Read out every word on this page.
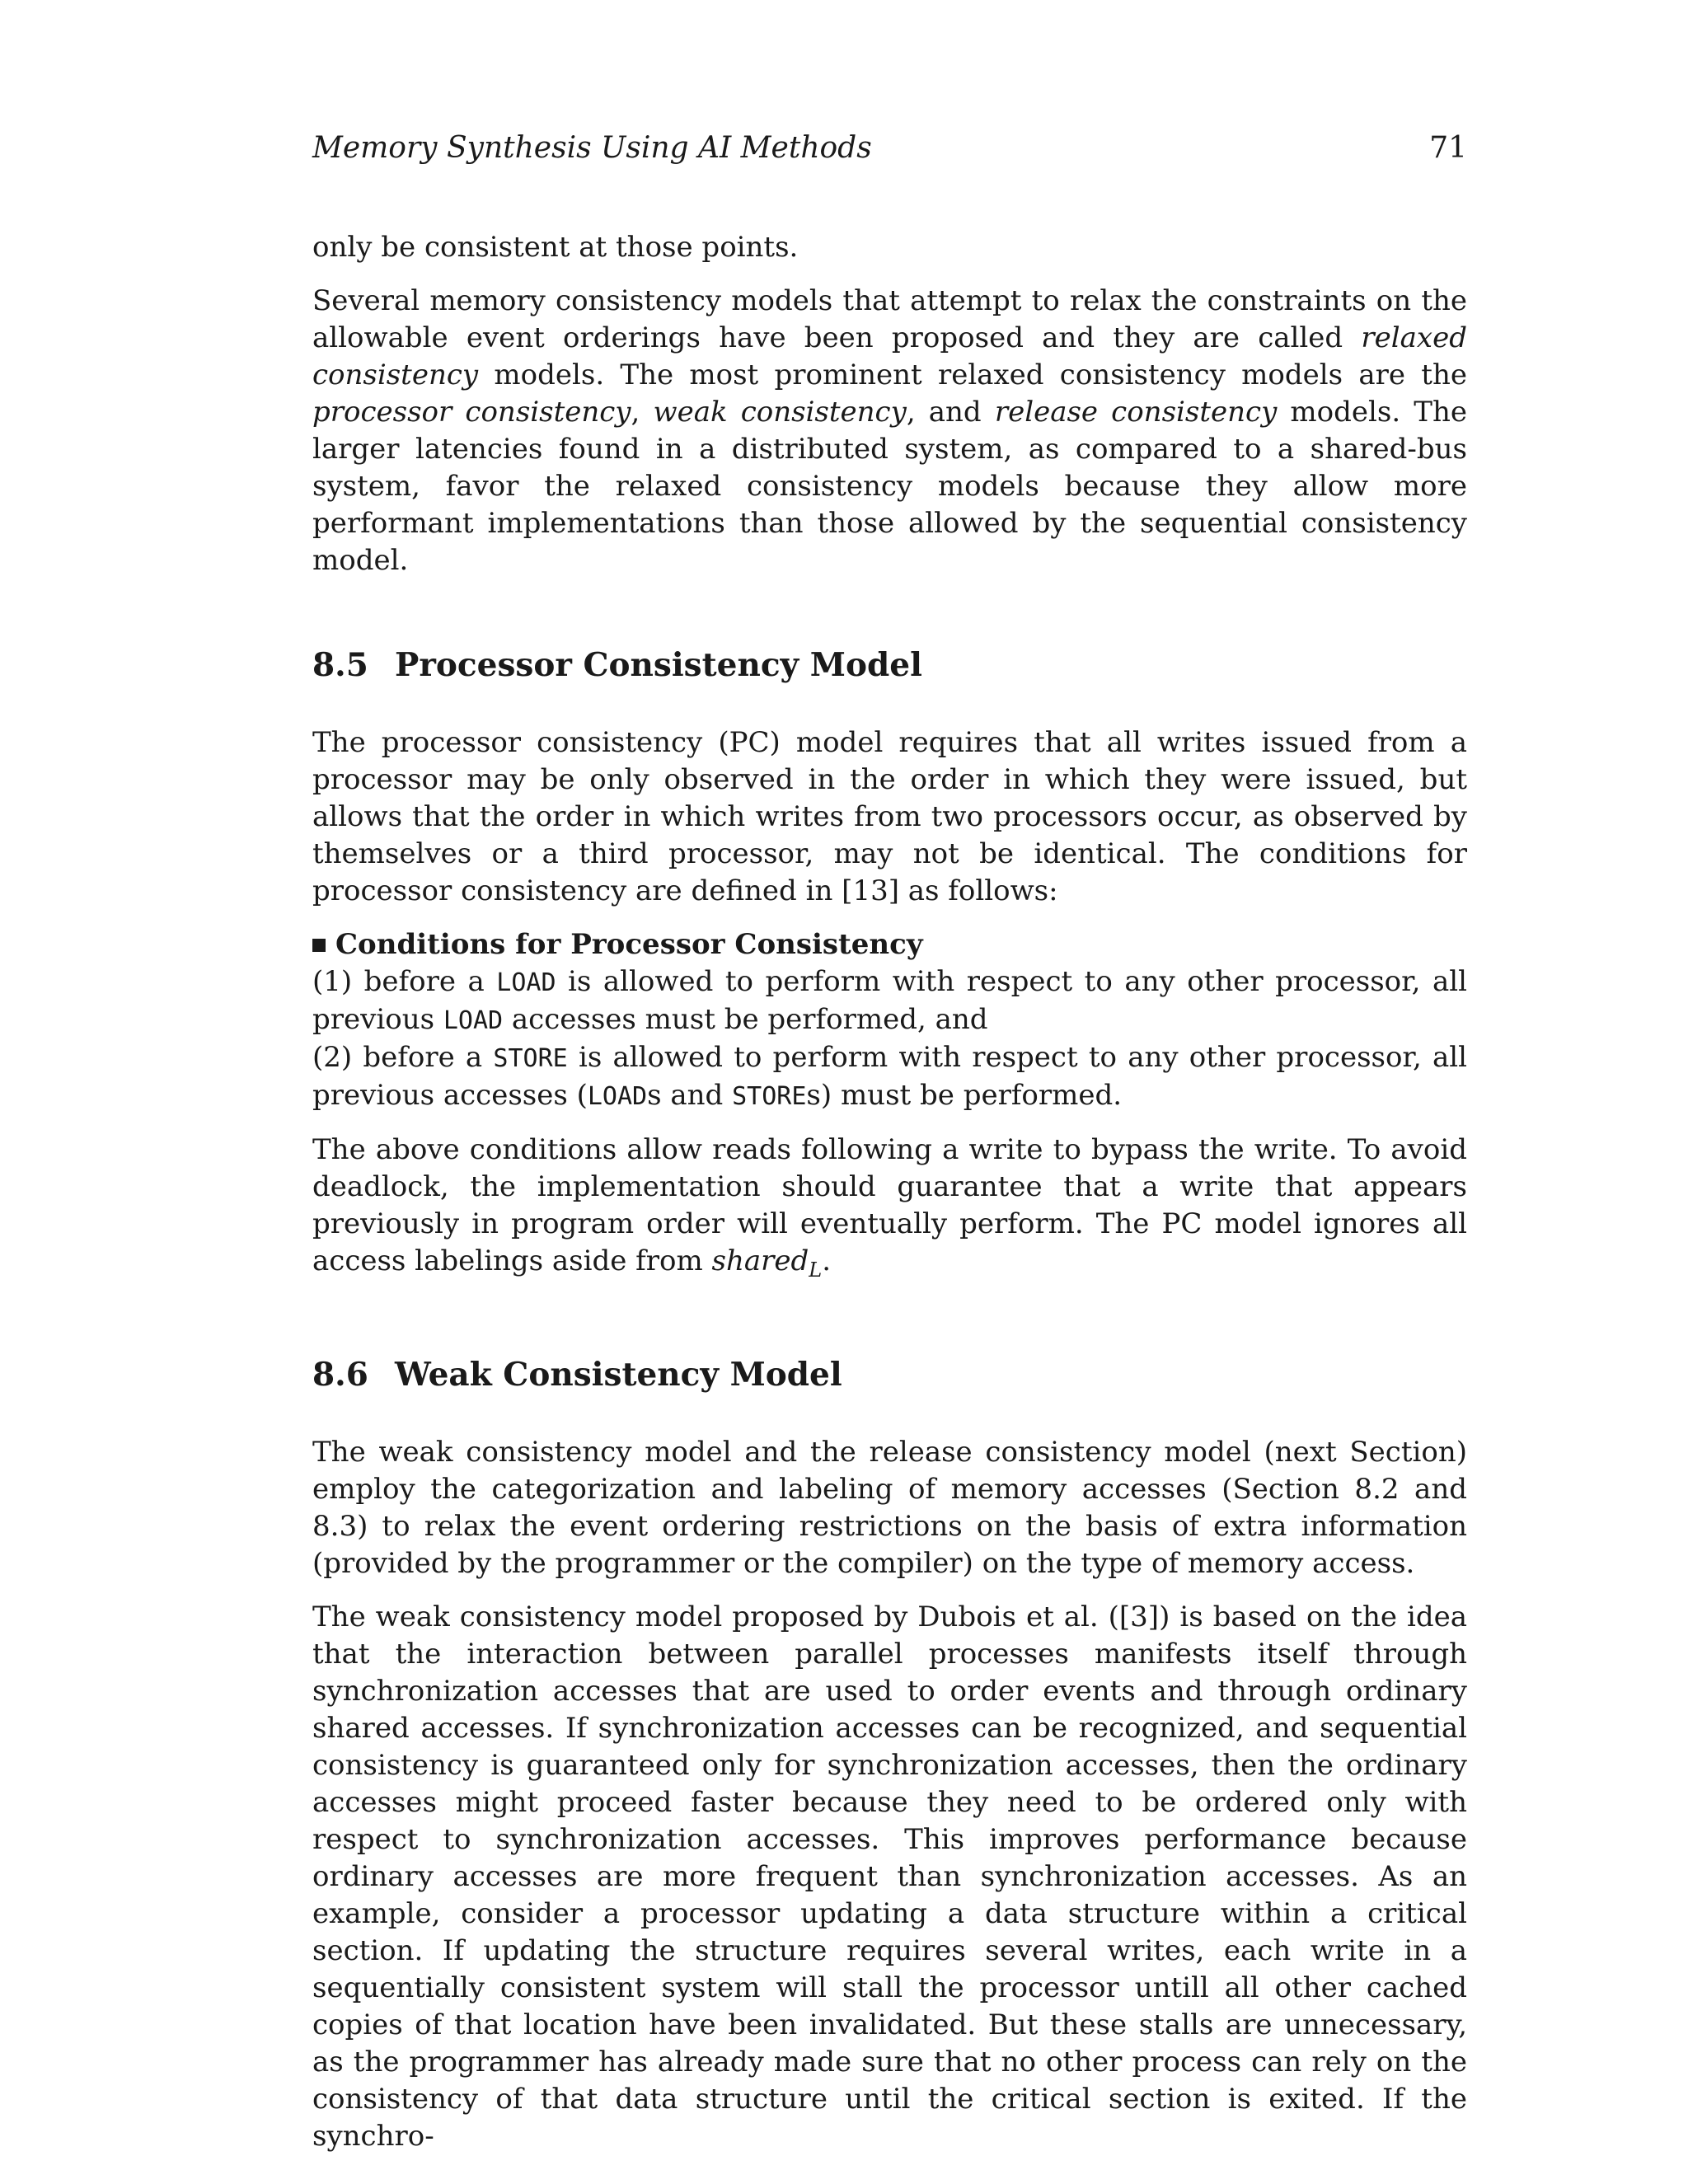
Memory Synthesis Using AI Methods	71

only be consistent at those points.

Several memory consistency models that attempt to relax the constraints on the allowable event orderings have been proposed and they are called relaxed consistency models. The most prominent relaxed consistency models are the processor consistency, weak consistency, and release consistency models. The larger latencies found in a distributed system, as compared to a shared-bus system, favor the relaxed consistency models because they allow more performant implementations than those allowed by the sequential consistency model.

8.5 Processor Consistency Model

The processor consistency (PC) model requires that all writes issued from a processor may be only observed in the order in which they were issued, but allows that the order in which writes from two processors occur, as observed by themselves or a third processor, may not be identical. The conditions for processor consistency are defined in [13] as follows:

Conditions for Processor Consistency

(1) before a LOAD is allowed to perform with respect to any other processor, all previous LOAD accesses must be performed, and

(2) before a STORE is allowed to perform with respect to any other processor, all previous accesses (LOADs and STOREs) must be performed.

The above conditions allow reads following a write to bypass the write. To avoid deadlock, the implementation should guarantee that a write that appears previously in program order will eventually perform. The PC model ignores all access labelings aside from shared$_L$.

8.6 Weak Consistency Model

The weak consistency model and the release consistency model (next Section) employ the categorization and labeling of memory accesses (Section 8.2 and 8.3) to relax the event ordering restrictions on the basis of extra information (provided by the programmer or the compiler) on the type of memory access.

The weak consistency model proposed by Dubois et al. ([3]) is based on the idea that the interaction between parallel processes manifests itself through synchronization accesses that are used to order events and through ordinary shared accesses. If synchronization accesses can be recognized, and sequential consistency is guaranteed only for synchronization accesses, then the ordinary accesses might proceed faster because they need to be ordered only with respect to synchronization accesses. This improves performance because ordinary accesses are more frequent than synchronization accesses. As an example, consider a processor updating a data structure within a critical section. If updating the structure requires several writes, each write in a sequentially consistent system will stall the processor untill all other cached copies of that location have been invalidated. But these stalls are unnecessary, as the programmer has already made sure that no other process can rely on the consistency of that data structure until the critical section is exited. If the synchro-
